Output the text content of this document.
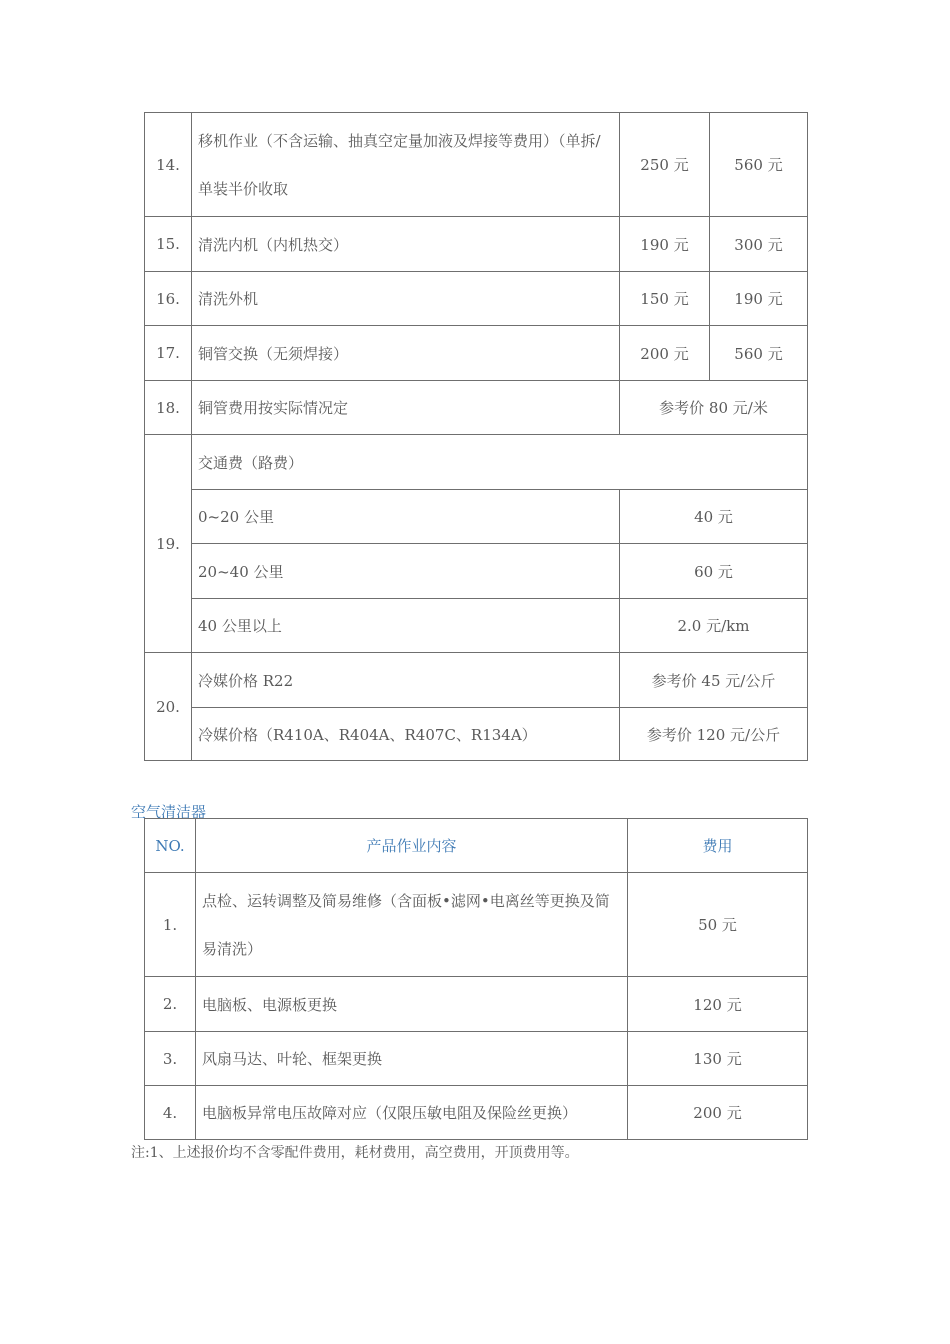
14.	移机作业（不含运输、抽真空定量加液及焊接等费用）（单拆/单装半价收取	250 元	560 元
15.	清洗内机（内机热交）	190 元	300 元
16.	清洗外机	150 元	190 元
17.	铜管交换（无须焊接）	200 元	560 元
18.	铜管费用按实际情况定	参考价 80 元/米	
19.	交通费（路费）		
	0~20 公里	40 元	
	20~40 公里	60 元	
	40 公里以上	2.0 元/km	
20.	冷媒价格 R22	参考价 45 元/公斤	
	冷媒价格（R410A、R404A、R407C、R134A）	参考价 120 元/公斤	
空气清洁器
NO.	产品作业内容	费用
1.	点检、运转调整及简易维修（含面板•滤网•电离丝等更换及简易清洗）	50 元
2.	电脑板、电源板更换	120 元
3.	风扇马达、叶轮、框架更换	130 元
4.	电脑板异常电压故障对应（仅限压敏电阻及保险丝更换）	200 元
注:1、上述报价均不含零配件费用，耗材费用，高空费用，开顶费用等。
